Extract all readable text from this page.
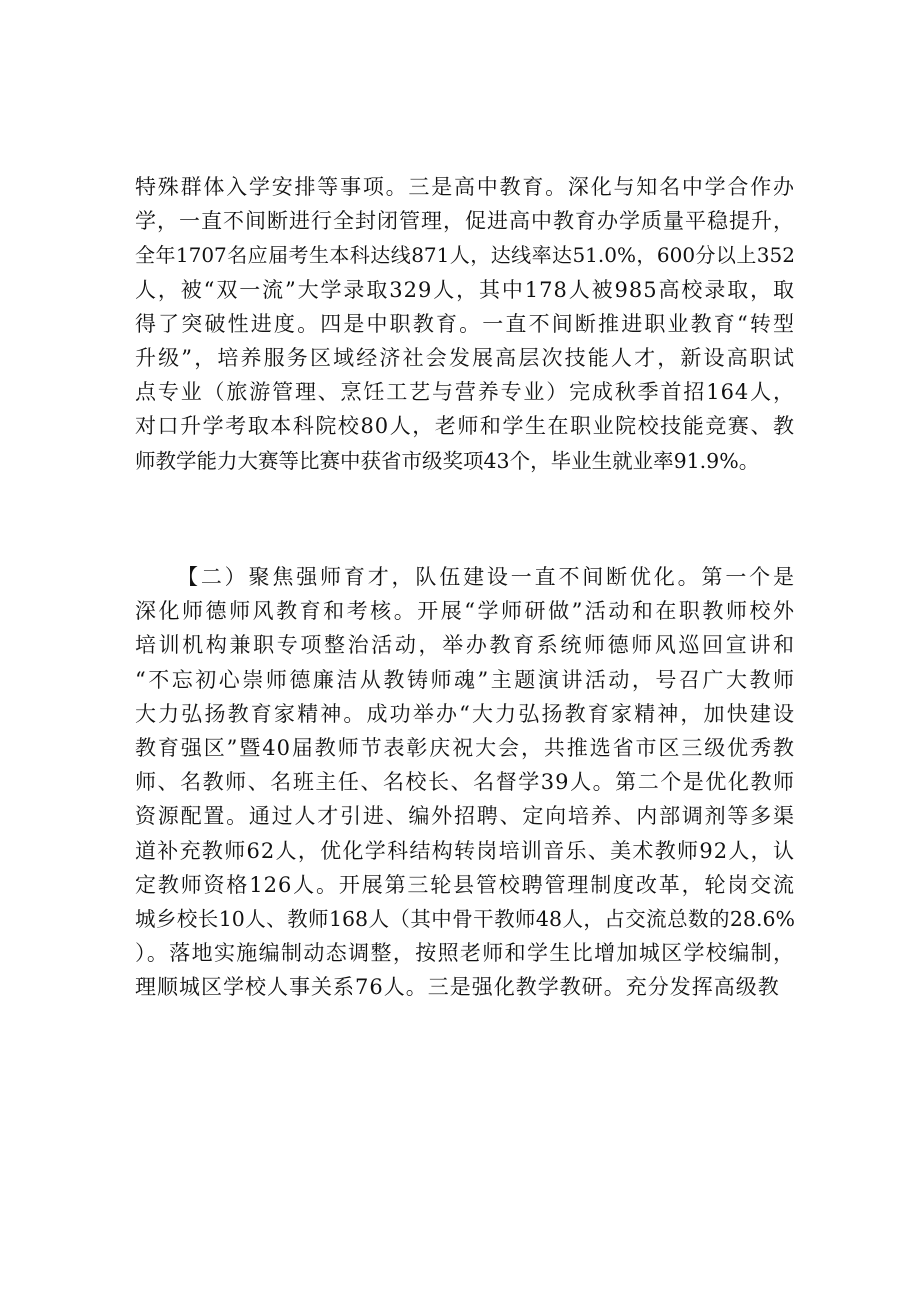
特殊群体入学安排等事项。三是高中教育。深化与知名中学合作办
学，一直不间断进行全封闭管理，促进高中教育办学质量平稳提升，
全年1707名应届考生本科达线871人，达线率达51.0%，600分以上352
人，被“双一流”大学录取329人，其中178人被985高校录取，取
得了突破性进度。四是中职教育。一直不间断推进职业教育“转型
升级”，培养服务区域经济社会发展高层次技能人才，新设高职试
点专业（旅游管理、烹饪工艺与营养专业）完成秋季首招164人，
对口升学考取本科院校80人，老师和学生在职业院校技能竞赛、教
师教学能力大赛等比赛中获省市级奖项43个，毕业生就业率91.9%。
【二）聚焦强师育才，队伍建设一直不间断优化。第一个是
深化师德师风教育和考核。开展“学师研做”活动和在职教师校外
培训机构兼职专项整治活动，举办教育系统师德师风巡回宣讲和
“不忘初心崇师德廉洁从教铸师魂”主题演讲活动，号召广大教师
大力弘扬教育家精神。成功举办“大力弘扬教育家精神，加快建设
教育强区”暨40届教师节表彰庆祝大会，共推选省市区三级优秀教
师、名教师、名班主任、名校长、名督学39人。第二个是优化教师
资源配置。通过人才引进、编外招聘、定向培养、内部调剂等多渠
道补充教师62人，优化学科结构转岗培训音乐、美术教师92人，认
定教师资格126人。开展第三轮县管校聘管理制度改革，轮岗交流
城乡校长10人、教师168人（其中骨干教师48人，占交流总数的28.6%
）。落地实施编制动态调整，按照老师和学生比增加城区学校编制，
理顺城区学校人事关系76人。三是强化教学教研。充分发挥高级教
